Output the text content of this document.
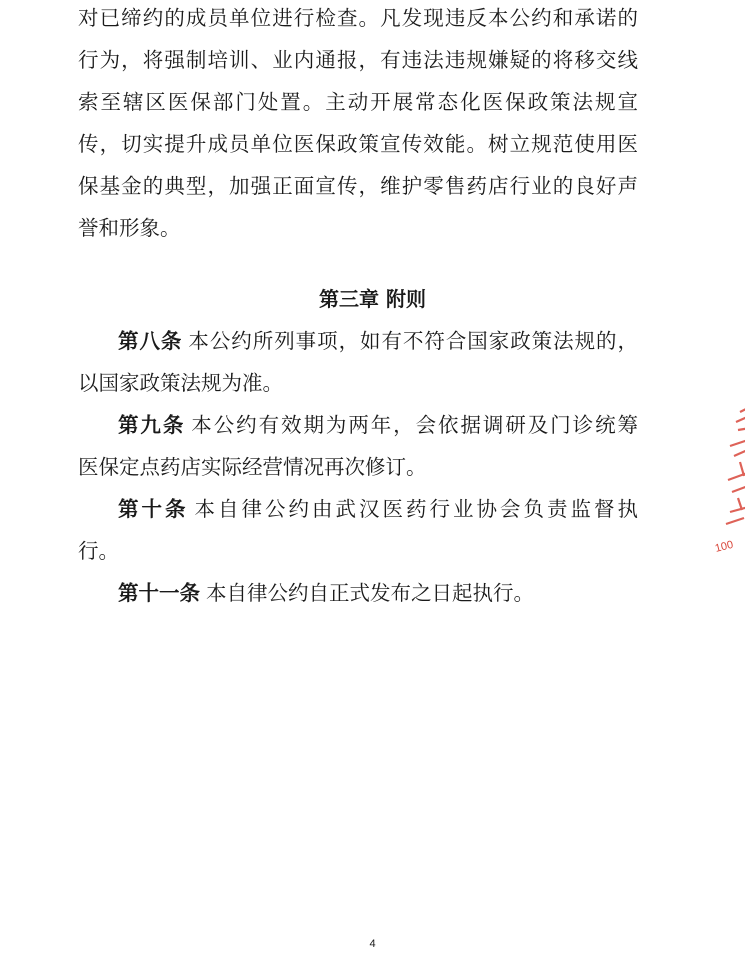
对已缔约的成员单位进行检查。凡发现违反本公约和承诺的
行为，将强制培训、业内通报，有违法违规嫌疑的将移交线
索至辖区医保部门处置。主动开展常态化医保政策法规宣
传，切实提升成员单位医保政策宣传效能。树立规范使用医
保基金的典型，加强正面宣传，维护零售药店行业的良好声
誉和形象。
第三章 附则
第八条 本公约所列事项，如有不符合国家政策法规的，
以国家政策法规为准。
第九条 本公约有效期为两年，会依据调研及门诊统筹
医保定点药店实际经营情况再次修订。
第十条 本自律公约由武汉医药行业协会负责监督执
行。
第十一条 本自律公约自正式发布之日起执行。
100
4
